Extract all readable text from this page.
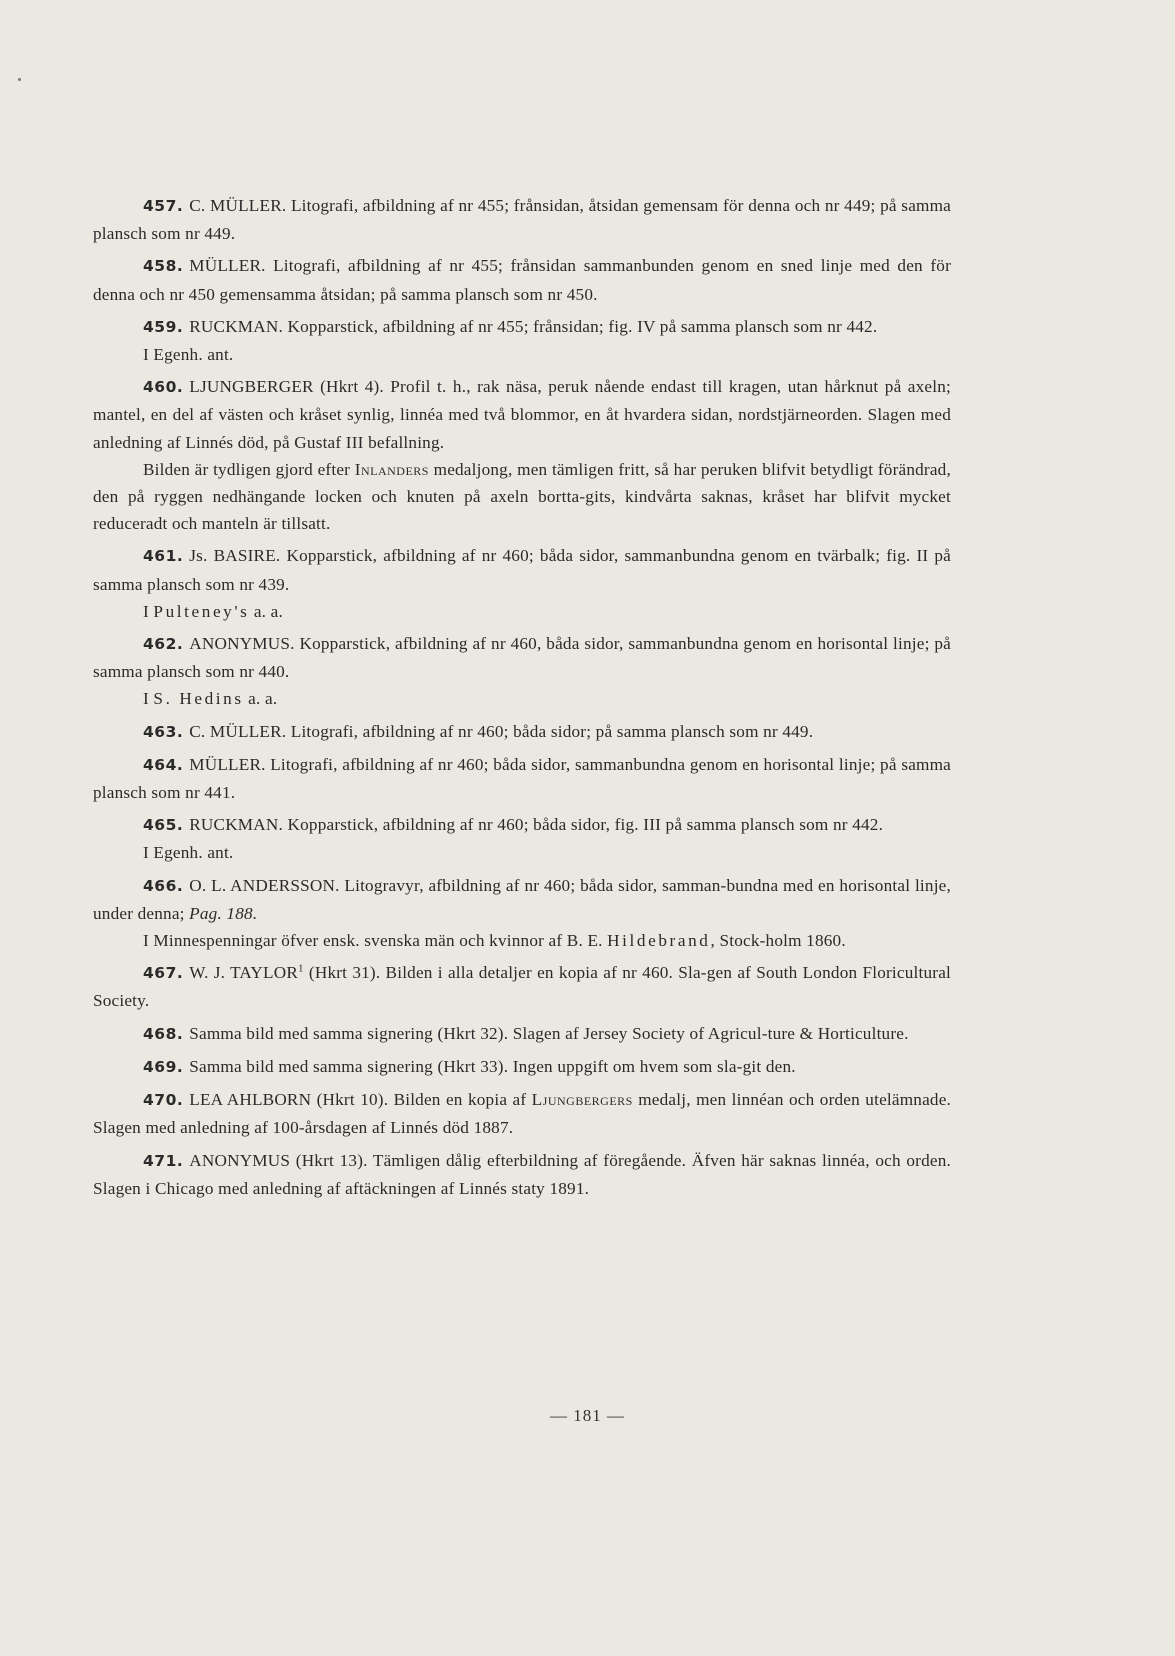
457. C. MÜLLER. Litografi, afbildning af nr 455; frånsidan, åtsidan gemensam för denna och nr 449; på samma plansch som nr 449.

458. MÜLLER. Litografi, afbildning af nr 455; frånsidan sammanbunden genom en sned linje med den för denna och nr 450 gemensamma åtsidan; på samma plansch som nr 450.

459. RUCKMAN. Kopparstick, afbildning af nr 455; frånsidan; fig. IV på samma plansch som nr 442.

I Egenh. ant.

460. LJUNGBERGER (Hkrt 4). Profil t. h., rak näsa, peruk nående endast till kragen, utan hårknut på axeln; mantel, en del af västen och kråset synlig, linnéa med två blommor, en åt hvardera sidan, nordstjärneorden. Slagen med anledning af Linnés död, på Gustaf III befallning.

Bilden är tydligen gjord efter Inlanders medaljong, men tämligen fritt, så har peruken blifvit betydligt förändrad, den på ryggen nedhängande locken och knuten på axeln bortta-gits, kindvårta saknas, kråset har blifvit mycket reduceradt och manteln är tillsatt.

461. Js. BASIRE. Kopparstick, afbildning af nr 460; båda sidor, sammanbundna genom en tvärbalk; fig. II på samma plansch som nr 439.

I Pulteney's a. a.

462. ANONYMUS. Kopparstick, afbildning af nr 460, båda sidor, sammanbundna genom en horisontal linje; på samma plansch som nr 440.

I S. Hedins a. a.

463. C. MÜLLER. Litografi, afbildning af nr 460; båda sidor; på samma plansch som nr 449.

464. MÜLLER. Litografi, afbildning af nr 460; båda sidor, sammanbundna genom en horisontal linje; på samma plansch som nr 441.

465. RUCKMAN. Kopparstick, afbildning af nr 460; båda sidor, fig. III på samma plansch som nr 442.

I Egenh. ant.

466. O. L. ANDERSSON. Litogravyr, afbildning af nr 460; båda sidor, samman-bundna med en horisontal linje, under denna; Pag. 188.

I Minnespenningar öfver ensk. svenska män och kvinnor af B. E. Hildebrand, Stock-holm 1860.

467. W. J. TAYLOR$^1$ (Hkrt 31). Bilden i alla detaljer en kopia af nr 460. Sla-gen af South London Floricultural Society.

468. Samma bild med samma signering (Hkrt 32). Slagen af Jersey Society of Agricul-ture & Horticulture.

469. Samma bild med samma signering (Hkrt 33). Ingen uppgift om hvem som sla-git den.

470. LEA AHLBORN (Hkrt 10). Bilden en kopia af Ljungbergers medalj, men linnéan och orden utelämnade. Slagen med anledning af 100-årsdagen af Linnés död 1887.

471. ANONYMUS (Hkrt 13). Tämligen dålig efterbildning af föregående. Äfven här saknas linnéa, och orden. Slagen i Chicago med anledning af aftäckningen af Linnés staty 1891.

— 181 —
